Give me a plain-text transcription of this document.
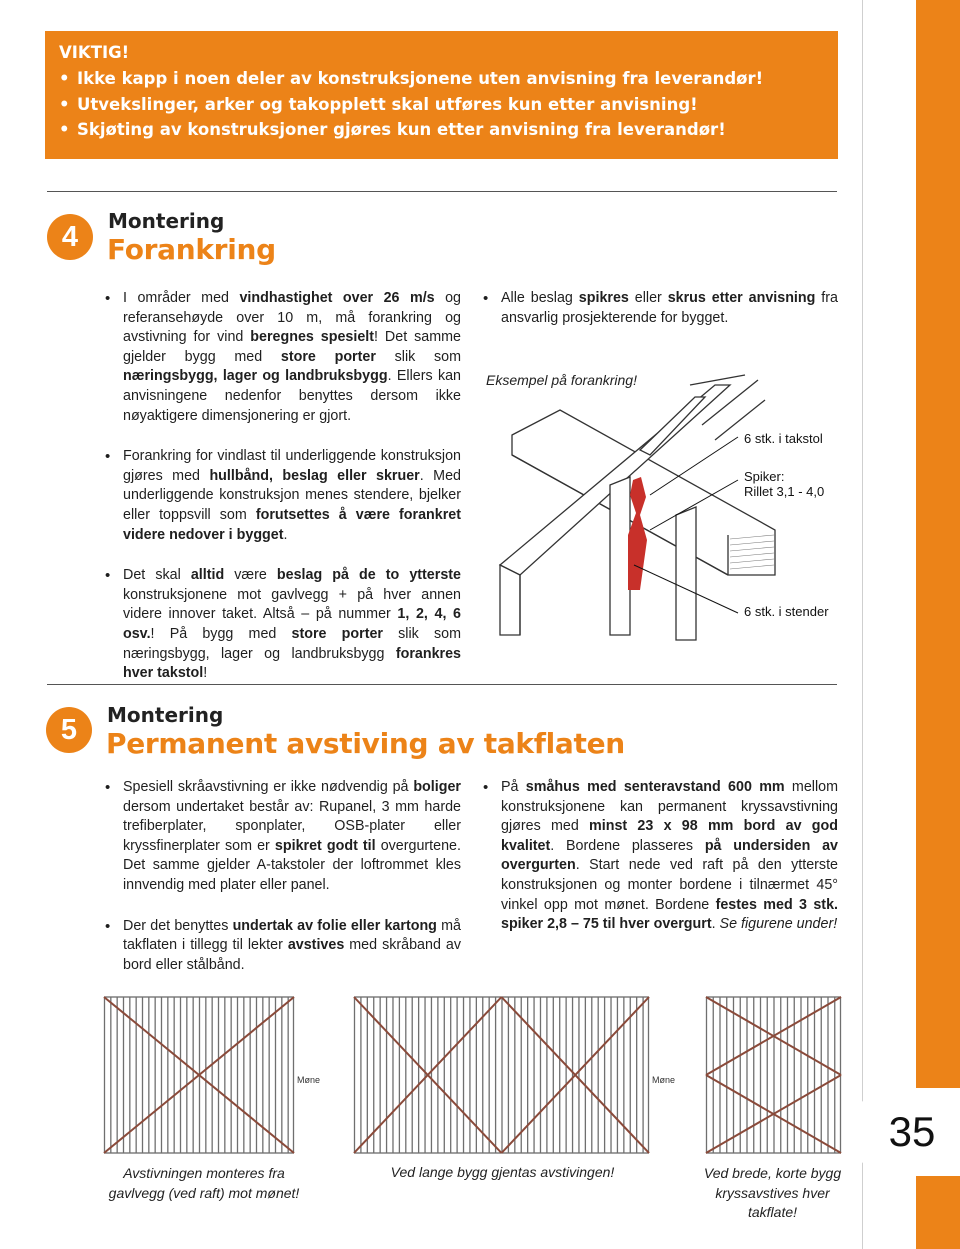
VIKTIG!
• Ikke kapp i noen deler av konstruksjonene uten anvisning fra leverandør!
• Utvekslinger, arker og takopplett skal utføres kun etter anvisning!
• Skjøting av konstruksjoner gjøres kun etter anvisning fra leverandør!
4	Montering
Forankring
• I områder med vindhastighet over 26 m/s og referansehøyde over 10 m, må forankring og avstivning for vind beregnes spesielt! Det samme gjelder bygg med store porter slik som næringsbygg, lager og landbruksbygg. Ellers kan anvisningene nedenfor benyttes dersom ikke nøyaktigere dimensjonering er gjort.
• Forankring for vindlast til underliggende konstruksjon gjøres med hullbånd, beslag eller skruer. Med underliggende konstruksjon menes stendere, bjelker eller toppsvill som forutsettes å være forankret videre nedover i bygget.
• Det skal alltid være beslag på de to ytterste konstruksjonene mot gavlvegg + på hver annen videre innover taket. Altså – på nummer 1, 2, 4, 6 osv.! På bygg med store porter slik som næringsbygg, lager og landbruksbygg forankres hver takstol!
• Alle beslag spikres eller skrus etter anvisning fra ansvarlig prosjekterende for bygget.
Eksempel på forankring!
6 stk. i takstol
Spiker:
Rillet 3,1 - 4,0
6 stk. i stender
5	Montering
Permanent avstiving av takflaten
• Spesiell skråavstivning er ikke nødvendig på boliger dersom undertaket består av: Rupanel, 3 mm harde trefiberplater, sponplater, OSB-plater eller kryssfinerplater som er spikret godt til overgurtene. Det samme gjelder A-takstoler der loftrommet kles innvendig med plater eller panel.
• Der det benyttes undertak av folie eller kartong må takflaten i tillegg til lekter avstives med skråband av bord eller stålbånd.
• På småhus med senteravstand 600 mm mellom konstruksjonene kan permanent kryssavstivning gjøres med minst 23 x 98 mm bord av god kvalitet. Bordene plasseres på undersiden av overgurten. Start nede ved raft på den ytterste konstruksjonen og monter bordene i tilnærmet 45° vinkel opp mot mønet. Bordene festes med 3 stk. spiker 2,8 – 75 til hver overgurt. Se figurene under!
Møne	Møne
Avstivningen monteres fra gavlvegg (ved raft) mot mønet!
Ved lange bygg gjentas avstivingen!	Ved brede, korte bygg kryssavstives hver takflate!
35
